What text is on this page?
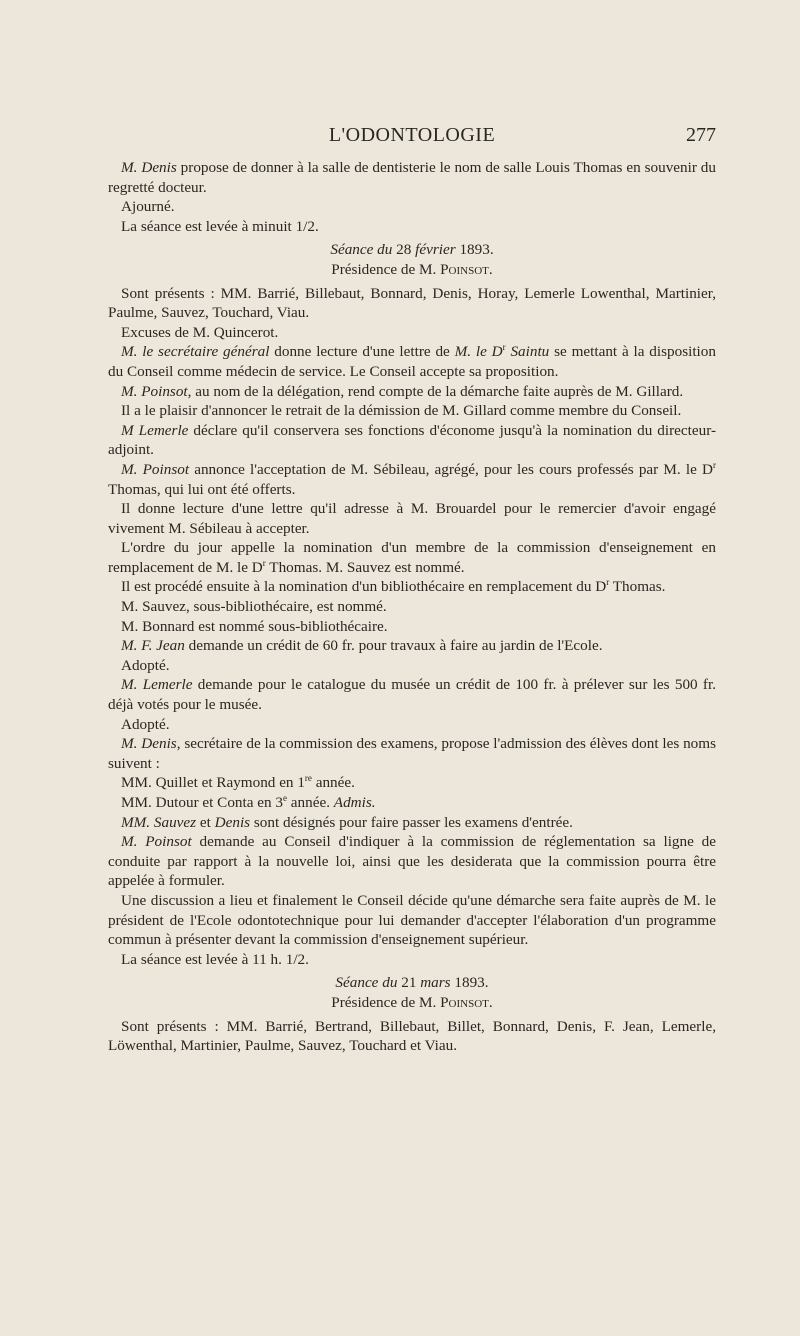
L'ODONTOLOGIE	277

M. Denis propose de donner à la salle de dentisterie le nom de salle Louis Thomas en souvenir du regretté docteur.

Ajourné.

La séance est levée à minuit 1/2.

Séance du 28 février 1893.

Présidence de M. Poinsot.

Sont présents : MM. Barrié, Billebaut, Bonnard, Denis, Horay, Lemerle Lowenthal, Martinier, Paulme, Sauvez, Touchard, Viau.

Excuses de M. Quincerot.

M. le secrétaire général donne lecture d'une lettre de M. le $D^r$ Saintu se mettant à la disposition du Conseil comme médecin de service. Le Conseil accepte sa proposition.

M. Poinsot, au nom de la délégation, rend compte de la démarche faite auprès de M. Gillard.

Il a le plaisir d'annoncer le retrait de la démission de M. Gillard comme membre du Conseil.

M Lemerle déclare qu'il conservera ses fonctions d'économe jusqu'à la nomination du directeur-adjoint.

M. Poinsot annonce l'acceptation de M. Sébileau, agrégé, pour les cours professés par M. le $D^r$ Thomas, qui lui ont été offerts.

Il donne lecture d'une lettre qu'il adresse à M. Brouardel pour le remercier d'avoir engagé vivement M. Sébileau à accepter.

L'ordre du jour appelle la nomination d'un membre de la commission d'enseignement en remplacement de M. le $D^r$ Thomas. M. Sauvez est nommé.

Il est procédé ensuite à la nomination d'un bibliothécaire en remplacement du $D^r$ Thomas.

M. Sauvez, sous-bibliothécaire, est nommé.

M. Bonnard est nommé sous-bibliothécaire.

M. F. Jean demande un crédit de 60 fr. pour travaux à faire au jardin de l'Ecole.

Adopté.

M. Lemerle demande pour le catalogue du musée un crédit de 100 fr. à prélever sur les 500 fr. déjà votés pour le musée.

Adopté.

M. Denis, secrétaire de la commission des examens, propose l'admission des élèves dont les noms suivent :

MM. Quillet et Raymond en 1re année.

MM. Dutour et Conta en 3e année. Admis.

MM. Sauvez et Denis sont désignés pour faire passer les examens d'entrée.

M. Poinsot demande au Conseil d'indiquer à la commission de réglementation sa ligne de conduite par rapport à la nouvelle loi, ainsi que les desiderata que la commission pourra être appelée à formuler.

Une discussion a lieu et finalement le Conseil décide qu'une démarche sera faite auprès de M. le président de l'Ecole odontotechnique pour lui demander d'accepter l'élaboration d'un programme commun à présenter devant la commission d'enseignement supérieur.

La séance est levée à 11 h. 1/2.

Séance du 21 mars 1893.

Présidence de M. Poinsot.

Sont présents : MM. Barrié, Bertrand, Billebaut, Billet, Bonnard, Denis, F. Jean, Lemerle, Löwenthal, Martinier, Paulme, Sauvez, Touchard et Viau.
